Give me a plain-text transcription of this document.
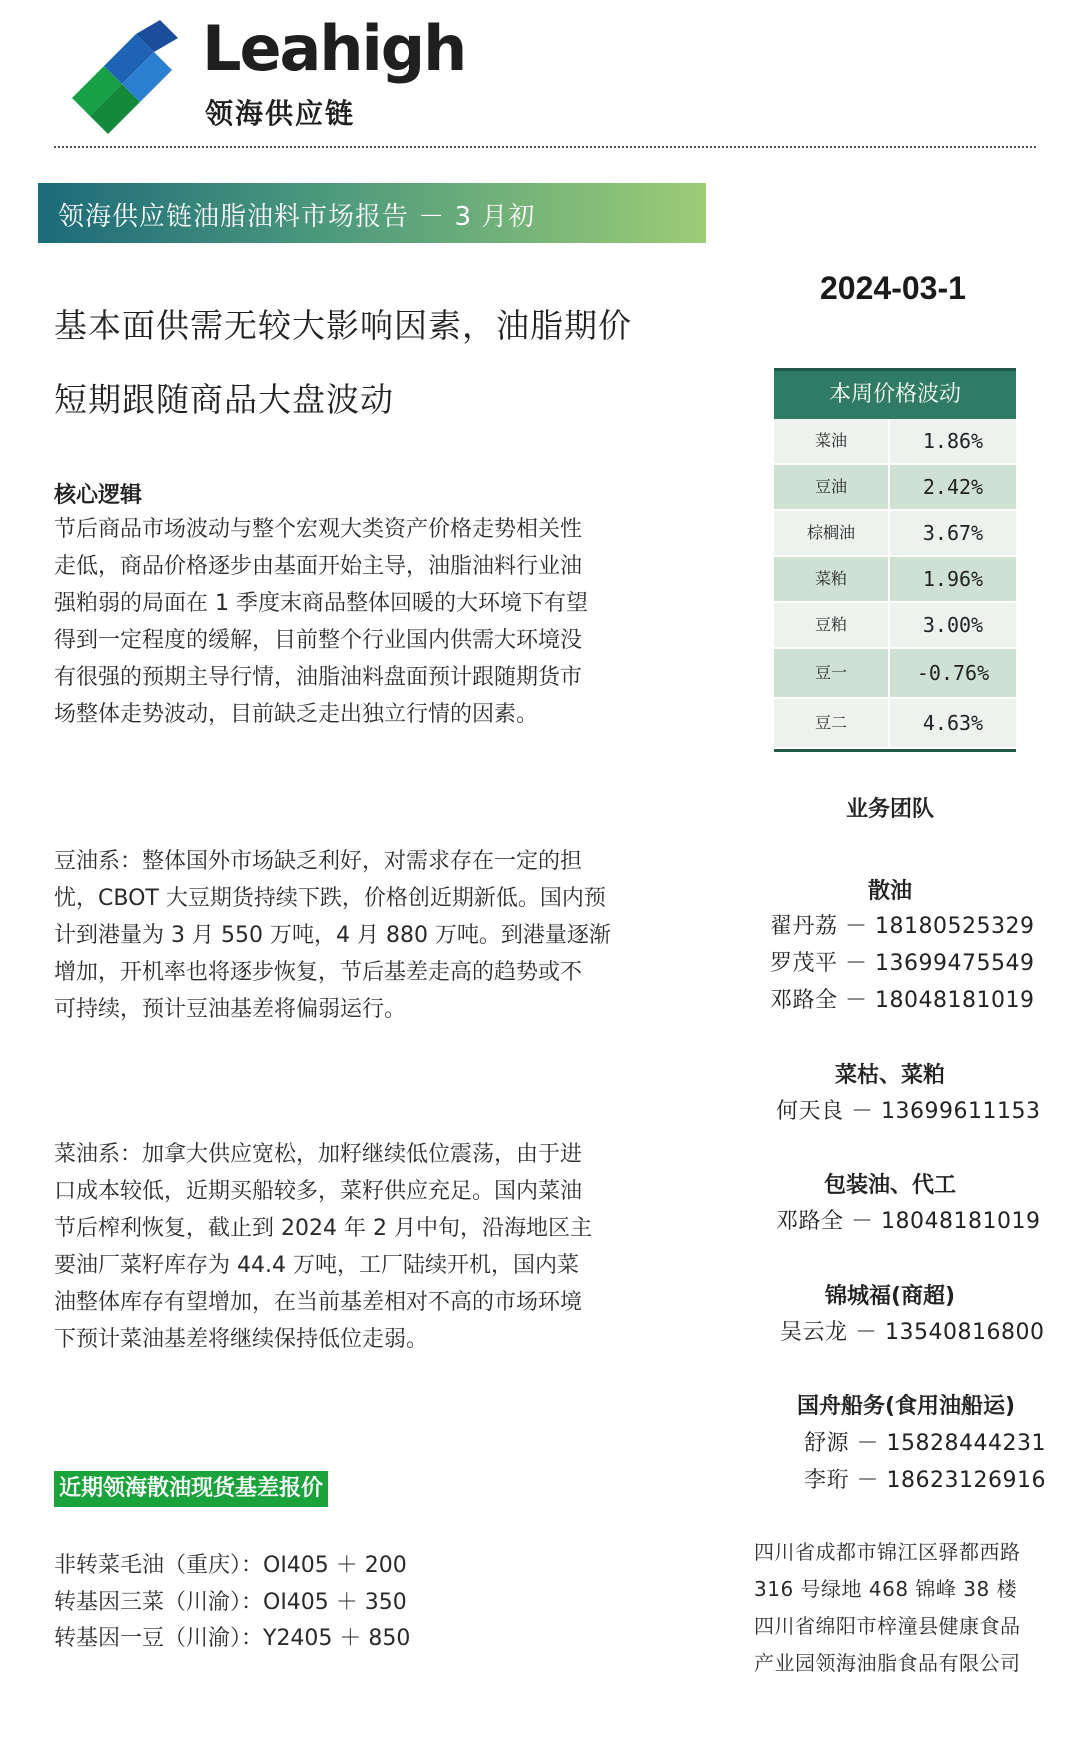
Leahigh
领海供应链
领海供应链油脂油料市场报告 － 3 月初
基本面供需无较大影响因素，油脂期价
短期跟随商品大盘波动
2024-03-1
核心逻辑

节后商品市场波动与整个宏观大类资产价格走势相关性

走低，商品价格逐步由基面开始主导，油脂油料行业油

强粕弱的局面在 1 季度末商品整体回暖的大环境下有望

得到一定程度的缓解，目前整个行业国内供需大环境没

有很强的预期主导行情，油脂油料盘面预计跟随期货市

场整体走势波动，目前缺乏走出独立行情的因素。

豆油系：整体国外市场缺乏利好，对需求存在一定的担

忧，CBOT 大豆期货持续下跌，价格创近期新低。国内预

计到港量为 3 月 550 万吨，4 月 880 万吨。到港量逐渐

增加，开机率也将逐步恢复，节后基差走高的趋势或不

可持续，预计豆油基差将偏弱运行。

菜油系：加拿大供应宽松，加籽继续低位震荡，由于进

口成本较低，近期买船较多，菜籽供应充足。国内菜油

节后榨利恢复，截止到 2024 年 2 月中旬，沿海地区主

要油厂菜籽库存为 44.4 万吨，工厂陆续开机，国内菜

油整体库存有望增加，在当前基差相对不高的市场环境

下预计菜油基差将继续保持低位走弱。

本周价格波动
菜油	1.86%
豆油	2.42%
棕榈油	3.67%
菜粕	1.96%
豆粕	3.00%
豆一	-0.76%
豆二	4.63%
业务团队
散油
翟丹荔 － 18180525329
罗茂平 － 13699475549
邓路全 － 18048181019
菜枯、菜粕
何天良 － 13699611153
包装油、代工
邓路全 － 18048181019
锦城福(商超)
吴云龙 － 13540816800
国舟船务(食用油船运)
舒源 － 15828444231
李珩 － 18623126916
近期领海散油现货基差报价
非转菜毛油（重庆）：OI405 ＋ 200
转基因三菜（川渝）：OI405 ＋ 350
转基因一豆（川渝）：Y2405 ＋ 850
四川省成都市锦江区驿都西路
316 号绿地 468 锦峰 38 楼
四川省绵阳市梓潼县健康食品
产业园领海油脂食品有限公司
